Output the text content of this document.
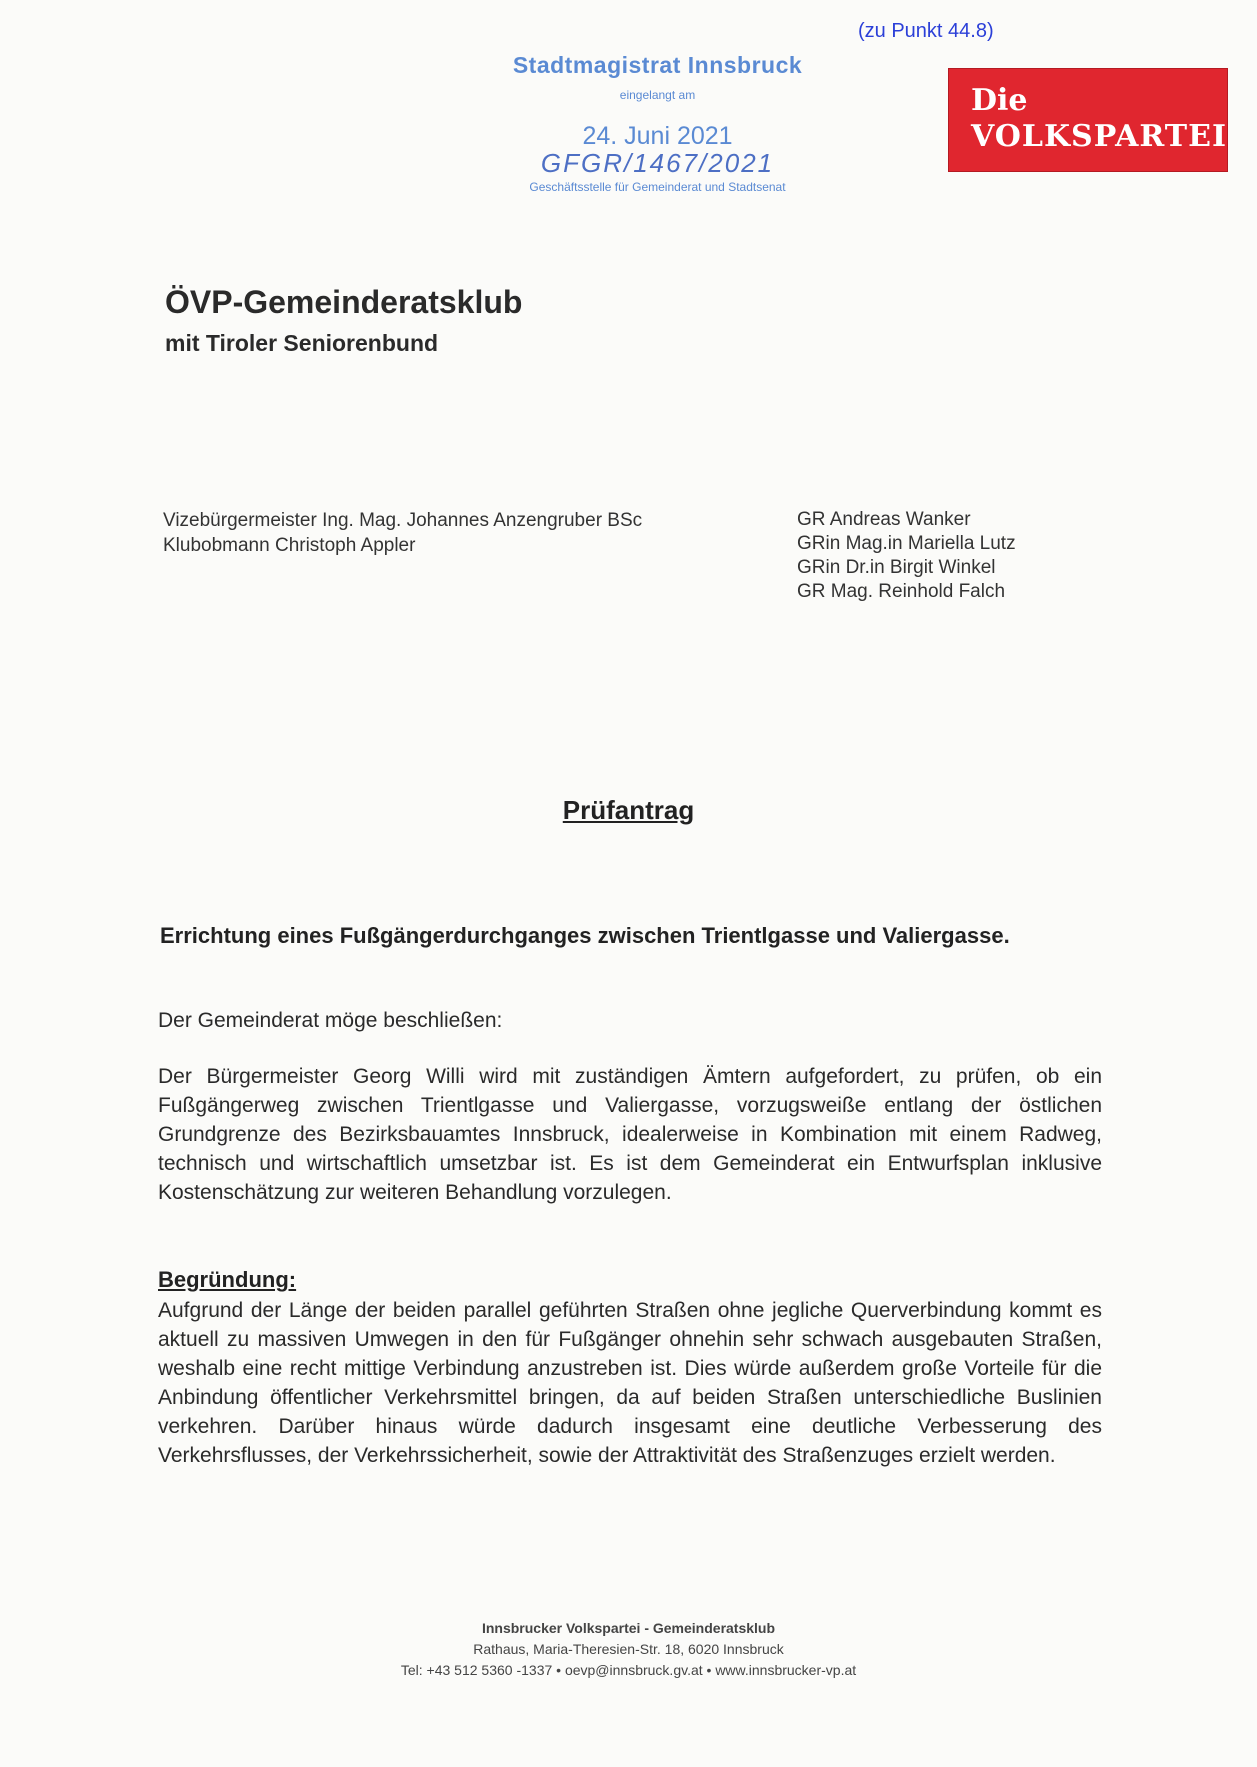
(zu Punkt 44.8)
Stadtmagistrat Innsbruck
eingelangt am
24. Juni 2021
GFGR/1467/2021
Geschäftsstelle für Gemeinderat und Stadtsenat
Die
VOLKSPARTEI
ÖVP-Gemeinderatsklub
mit Tiroler Seniorenbund
Vizebürgermeister Ing. Mag. Johannes Anzengruber BSc
Klubobmann Christoph Appler
GR Andreas Wanker
GRin Mag.in Mariella Lutz
GRin Dr.in Birgit Winkel
GR Mag. Reinhold Falch
Prüfantrag
Errichtung eines Fußgängerdurchganges zwischen Trientlgasse und Valiergasse.
Der Gemeinderat möge beschließen:
Der Bürgermeister Georg Willi wird mit zuständigen Ämtern aufgefordert, zu prüfen, ob ein Fußgängerweg zwischen Trientlgasse und Valiergasse, vorzugsweiße entlang der östlichen Grundgrenze des Bezirksbauamtes Innsbruck, idealerweise in Kombination mit einem Radweg, technisch und wirtschaftlich umsetzbar ist. Es ist dem Gemeinderat ein Entwurfsplan inklusive Kostenschätzung zur weiteren Behandlung vorzulegen.
Begründung:
Aufgrund der Länge der beiden parallel geführten Straßen ohne jegliche Querverbindung kommt es aktuell zu massiven Umwegen in den für Fußgänger ohnehin sehr schwach ausgebauten Straßen, weshalb eine recht mittige Verbindung anzustreben ist. Dies würde außerdem große Vorteile für die Anbindung öffentlicher Verkehrsmittel bringen, da auf beiden Straßen unterschiedliche Buslinien verkehren. Darüber hinaus würde dadurch insgesamt eine deutliche Verbesserung des Verkehrsflusses, der Verkehrssicherheit, sowie der Attraktivität des Straßenzuges erzielt werden.
Innsbrucker Volkspartei - Gemeinderatsklub
Rathaus, Maria-Theresien-Str. 18, 6020 Innsbruck
Tel: +43 512 5360 -1337 • oevp@innsbruck.gv.at • www.innsbrucker-vp.at
